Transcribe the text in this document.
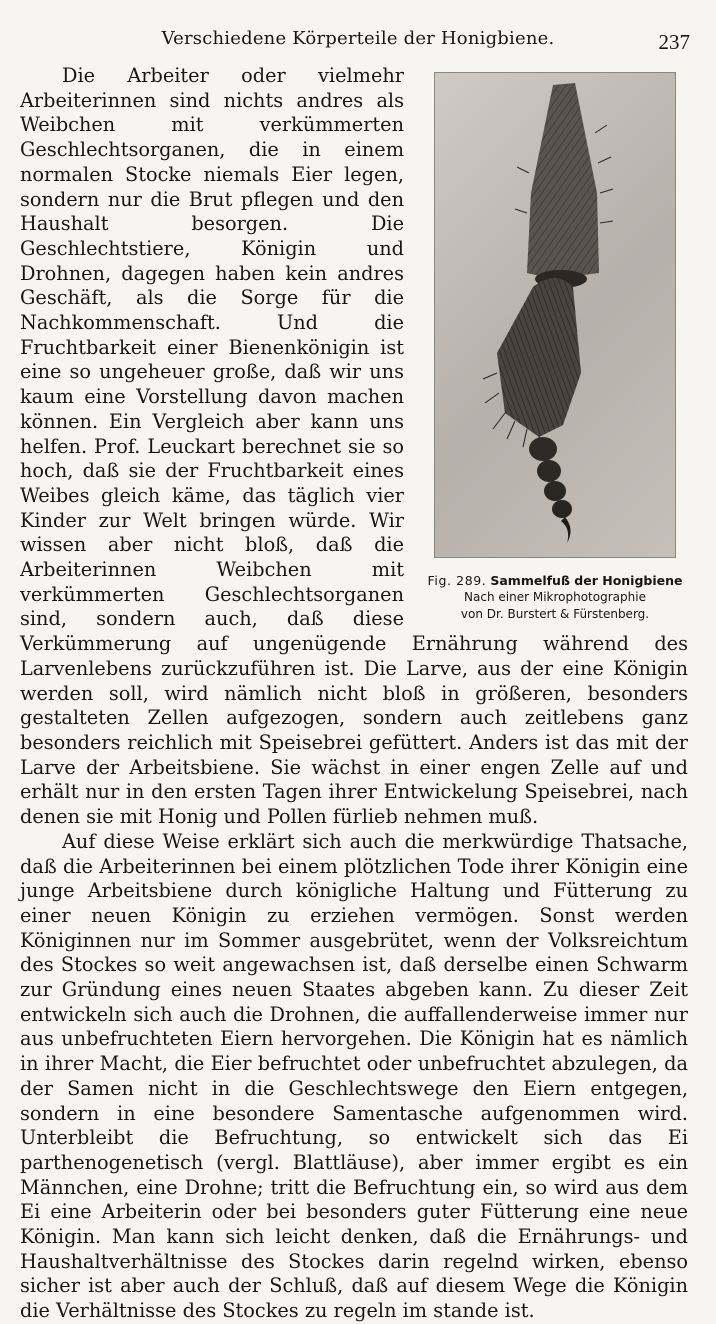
Verschiedene Körperteile der Honigbiene.	237
Fig. 289. Sammelfuß der Honigbiene
Nach einer Mikrophotographie
von Dr. Burstert & Fürstenberg.

Die Arbeiter oder vielmehr Arbeiterinnen sind nichts andres als Weibchen mit verkümmerten Geschlechtsorganen, die in einem normalen Stocke niemals Eier legen, sondern nur die Brut pflegen und den Haushalt besorgen. Die Geschlechtstiere, Königin und Drohnen, dagegen haben kein andres Geschäft, als die Sorge für die Nachkommenschaft. Und die Fruchtbarkeit einer Bienenkönigin ist eine so ungeheuer große, daß wir uns kaum eine Vorstellung davon machen können. Ein Vergleich aber kann uns helfen. Prof. Leuckart berechnet sie so hoch, daß sie der Fruchtbarkeit eines Weibes gleich käme, das täglich vier Kinder zur Welt bringen würde. Wir wissen aber nicht bloß, daß die Arbeiterinnen Weibchen mit verkümmerten Geschlechtsorganen sind, sondern auch, daß diese Verkümmerung auf ungenügende Ernährung während des Larvenlebens zurückzuführen ist. Die Larve, aus der eine Königin werden soll, wird nämlich nicht bloß in größeren, besonders gestalteten Zellen aufgezogen, sondern auch zeitlebens ganz besonders reichlich mit Speisebrei gefüttert. Anders ist das mit der Larve der Arbeitsbiene. Sie wächst in einer engen Zelle auf und erhält nur in den ersten Tagen ihrer Entwickelung Speisebrei, nach denen sie mit Honig und Pollen fürlieb nehmen muß.

Auf diese Weise erklärt sich auch die merkwürdige Thatsache, daß die Arbeiterinnen bei einem plötzlichen Tode ihrer Königin eine junge Arbeitsbiene durch königliche Haltung und Fütterung zu einer neuen Königin zu erziehen vermögen. Sonst werden Königinnen nur im Sommer ausgebrütet, wenn der Volksreichtum des Stockes so weit angewachsen ist, daß derselbe einen Schwarm zur Gründung eines neuen Staates abgeben kann. Zu dieser Zeit entwickeln sich auch die Drohnen, die auffallenderweise immer nur aus unbefruchteten Eiern hervorgehen. Die Königin hat es nämlich in ihrer Macht, die Eier befruchtet oder unbefruchtet abzulegen, da der Samen nicht in die Geschlechtswege den Eiern entgegen, sondern in eine besondere Samentasche aufgenommen wird. Unterbleibt die Befruchtung, so entwickelt sich das Ei parthenogenetisch (vergl. Blattläuse), aber immer ergibt es ein Männchen, eine Drohne; tritt die Befruchtung ein, so wird aus dem Ei eine Arbeiterin oder bei besonders guter Fütterung eine neue Königin. Man kann sich leicht denken, daß die Ernährungs- und Haushaltverhältnisse des Stockes darin regelnd wirken, ebenso sicher ist aber auch der Schluß, daß auf diesem Wege die Königin die Verhältnisse des Stockes zu regeln im stande ist.
